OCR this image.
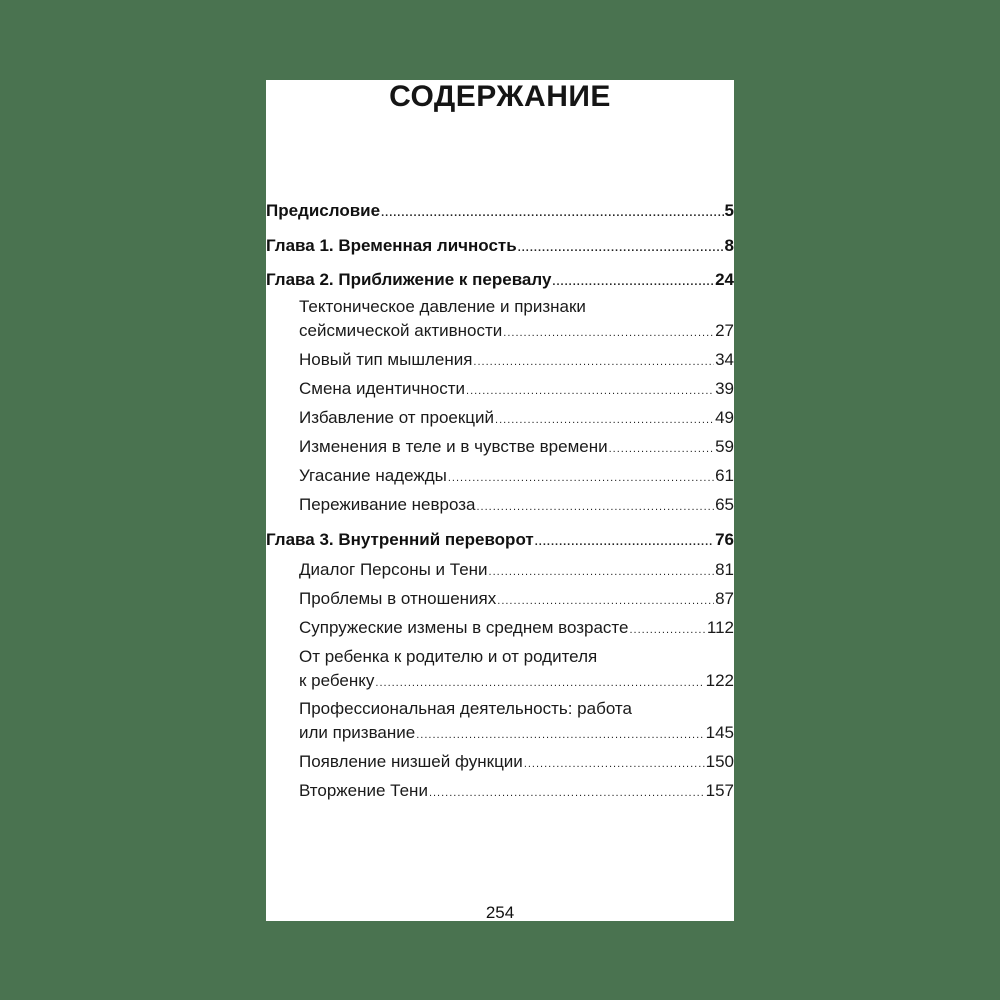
СОДЕРЖАНИЕ
Предисловие .....	5
Глава 1. Временная личность .....	8
Глава 2. Приближение к перевалу .....	24
Тектоническое давление и признаки
сейсмической активности .....	27
Новый тип мышления .....	34
Смена идентичности .....	39
Избавление от проекций .....	49
Изменения в теле и в чувстве времени .....	59
Угасание надежды .....	61
Переживание невроза .....	65
Глава 3. Внутренний переворот .....	76
Диалог Персоны и Тени .....	81
Проблемы в отношениях .....	87
Супружеские измены в среднем возрасте .....	112
От ребенка к родителю и от родителя
к ребенку .....	122
Профессиональная деятельность: работа
или призвание .....	145
Появление низшей функции .....	150
Вторжение Тени .....	157
254
